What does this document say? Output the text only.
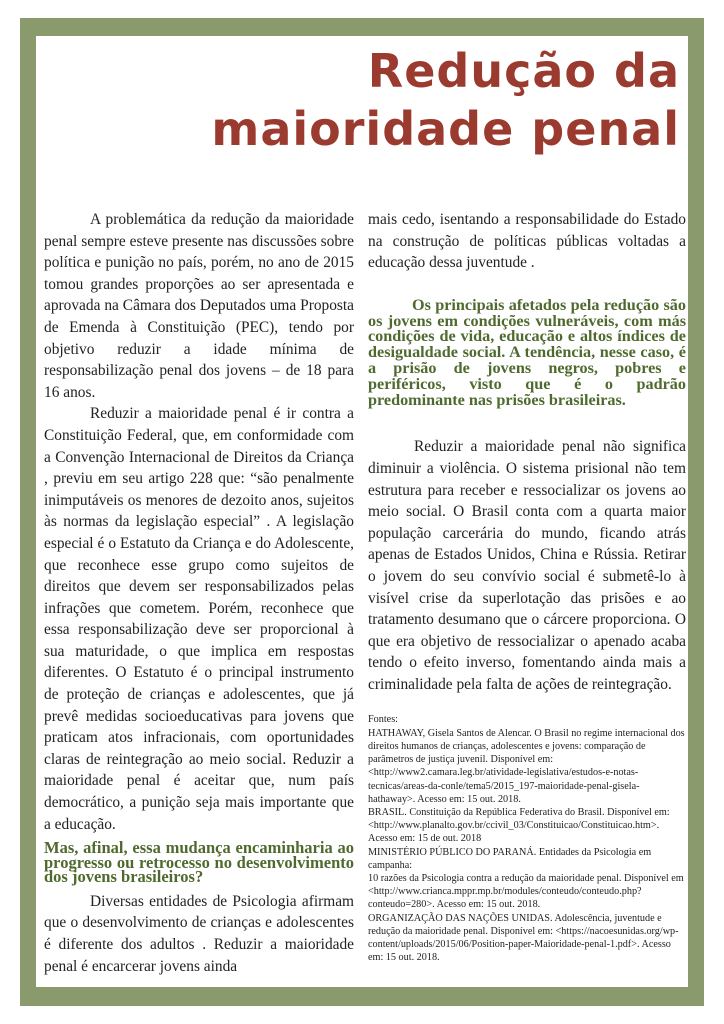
Redução da
maioridade penal

A problemática da redução da maioridade penal sempre esteve presente nas discussões sobre política e punição no país, porém, no ano de 2015 tomou grandes proporções ao ser apresentada e aprovada na Câmara dos Deputados uma Proposta de Emenda à Constituição (PEC), tendo por objetivo reduzir a idade mínima de responsabilização penal dos jovens – de 18 para 16 anos.

Reduzir a maioridade penal é ir contra a Constituição Federal, que, em conformidade com a Convenção Internacional de Direitos da Criança , previu em seu artigo 228 que: “são penalmente inimputáveis os menores de dezoito anos, sujeitos às normas da legislação especial” . A legislação especial é o Estatuto da Criança e do Adolescente, que reconhece esse grupo como sujeitos de direitos que devem ser responsabilizados pelas infrações que cometem. Porém, reconhece que essa responsabilização deve ser proporcional à sua maturidade, o que implica em respostas diferentes. O Estatuto é o principal instrumento de proteção de crianças e adolescentes, que já prevê medidas socioeducativas para jovens que praticam atos infracionais, com oportunidades claras de reintegração ao meio social. Reduzir a maioridade penal é aceitar que, num país democrático, a punição seja mais importante que a educação.

Mas, afinal, essa mudança encaminharia ao progresso ou retrocesso no desenvolvimento dos jovens brasileiros?

Diversas entidades de Psicologia afirmam que o desenvolvimento de crianças e adolescentes é diferente dos adultos . Reduzir a maioridade penal é encarcerar jovens ainda

mais cedo, isentando a responsabilidade do Estado na construção de políticas públicas voltadas a educação dessa juventude .

Os principais afetados pela redução são os jovens em condições vulneráveis, com más condições de vida, educação e altos índices de desigualdade social. A tendência, nesse caso, é a prisão de jovens negros, pobres e periféricos, visto que é o padrão predominante nas prisões brasileiras.

Reduzir a maioridade penal não significa diminuir a violência. O sistema prisional não tem estrutura para receber e ressocializar os jovens ao meio social. O Brasil conta com a quarta maior população carcerária do mundo, ficando atrás apenas de Estados Unidos, China e Rússia. Retirar o jovem do seu convívio social é submetê-lo à visível crise da superlotação das prisões e ao tratamento desumano que o cárcere proporciona. O que era objetivo de ressocializar o apenado acaba tendo o efeito inverso, fomentando ainda mais a criminalidade pela falta de ações de reintegração.

Fontes:
HATHAWAY, Gisela Santos de Alencar. O Brasil no regime internacional dos direitos humanos de crianças, adolescentes e jovens: comparação de parâmetros de justiça juvenil. Disponível em: <http://www2.camara.leg.br/atividade-legislativa/estudos-e-notas-tecnicas/areas-da-conle/tema5/2015_197-maioridade-penal-gisela-hathaway>. Acesso em: 15 out. 2018.
BRASIL. Constituição da República Federativa do Brasil. Disponível em: <http://www.planalto.gov.br/ccivil_03/Constituicao/Constituicao.htm>. Acesso em: 15 de out. 2018
MINISTÉRIO PÚBLICO DO PARANÁ. Entidades da Psicologia em campanha:
10 razões da Psicologia contra a redução da maioridade penal. Disponível em <http://www.crianca.mppr.mp.br/modules/conteudo/conteudo.php?conteudo=280>. Acesso em: 15 out. 2018.
ORGANIZAÇÃO DAS NAÇÕES UNIDAS. Adolescência, juventude e redução da maioridade penal. Disponível em: <https://nacoesunidas.org/wp-content/uploads/2015/06/Position-paper-Maioridade-penal-1.pdf>. Acesso em: 15 out. 2018.
